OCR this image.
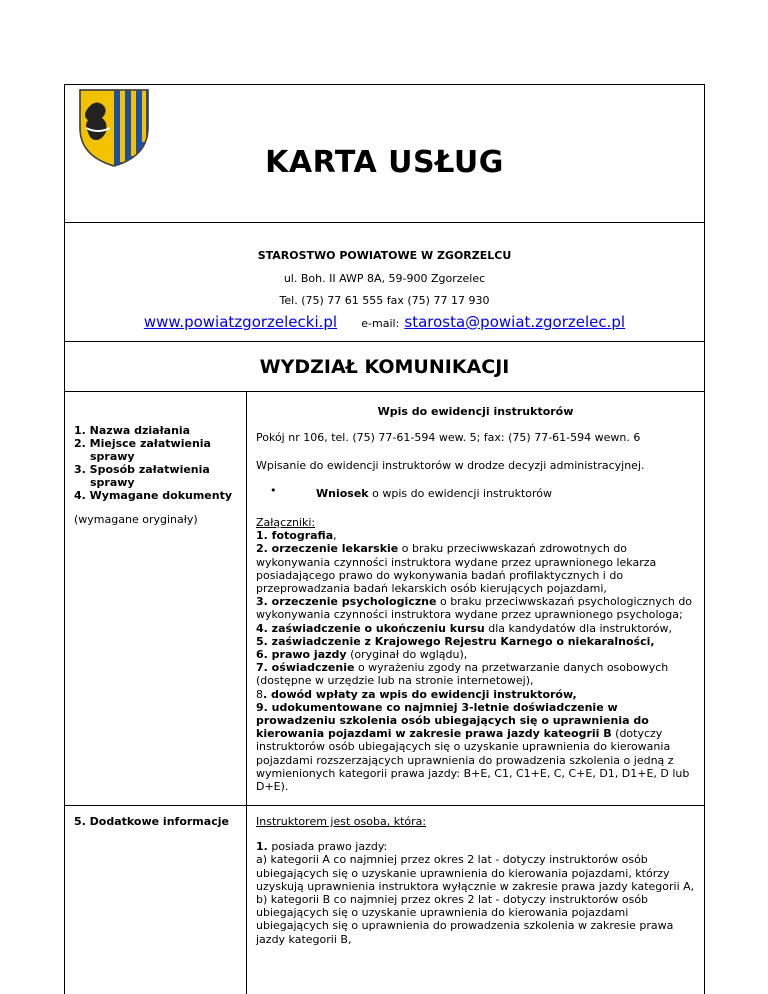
KARTA USŁUG
STAROSTWO POWIATOWE W ZGORZELCU
ul. Boh. II AWP 8A, 59-900 Zgorzelec
Tel. (75) 77 61 555 fax (75) 77 17 930
www.powiatzgorzelecki.pl e-mail: starosta@powiat.zgorzelec.pl
WYDZIAŁ KOMUNIKACJI
Wpis do ewidencji instruktorów
1. Nazwa działania
2. Miejsce załatwienia
sprawy
3. Sposób załatwienia
sprawy
4. Wymagane dokumenty
(wymagane oryginały)
5. Dodatkowe informacje
Pokój nr 106, tel. (75) 77-61-594 wew. 5; fax: (75) 77-61-594 wewn. 6
Wpisanie do ewidencji instruktorów w drodze decyzji administracyjnej.
•	Wniosek o wpis do ewidencji instruktorów

Załączniki:

1. fotografia,

2. orzeczenie lekarskie o braku przeciwwskazań zdrowotnych do wykonywania czynności instruktora wydane przez uprawnionego lekarza posiadającego prawo do wykonywania badań profilaktycznych i do przeprowadzania badań lekarskich osób kierujących pojazdami,

3. orzeczenie psychologiczne o braku przeciwwskazań psychologicznych do wykonywania czynności instruktora wydane przez uprawnionego psychologa;

4. zaświadczenie o ukończeniu kursu dla kandydatów dla instruktorów,

5. zaświadczenie z Krajowego Rejestru Karnego o niekaralności,

6. prawo jazdy (oryginał do wglądu),

7. oświadczenie o wyrażeniu zgody na przetwarzanie danych osobowych (dostępne w urzędzie lub na stronie internetowej),

8. dowód wpłaty za wpis do ewidencji instruktorów,

9. udokumentowane co najmniej 3-letnie doświadczenie w prowadzeniu szkolenia osób ubiegających się o uprawnienia do kierowania pojazdami w zakresie prawa jazdy kateogrii B (dotyczy instruktorów osób ubiegających się o uzyskanie uprawnienia do kierowania pojazdami rozszerzających uprawnienia do prowadzenia szkolenia o jedną z wymienionych kategorii prawa jazdy: B+E, C1, C1+E, C, C+E, D1, D1+E, D lub D+E).

Instruktorem jest osoba, która:

1. posiada prawo jazdy:

a) kategorii A co najmniej przez okres 2 lat - dotyczy instruktorów osób ubiegających się o uzyskanie uprawnienia do kierowania pojazdami, którzy uzyskują uprawnienia instruktora wyłącznie w zakresie prawa jazdy kategorii A,

b) kategorii B co najmniej przez okres 2 lat - dotyczy instruktorów osób ubiegających się o uzyskanie uprawnienia do kierowania pojazdami ubiegających się o uprawnienia do prowadzenia szkolenia w zakresie prawa jazdy kategorii B,
